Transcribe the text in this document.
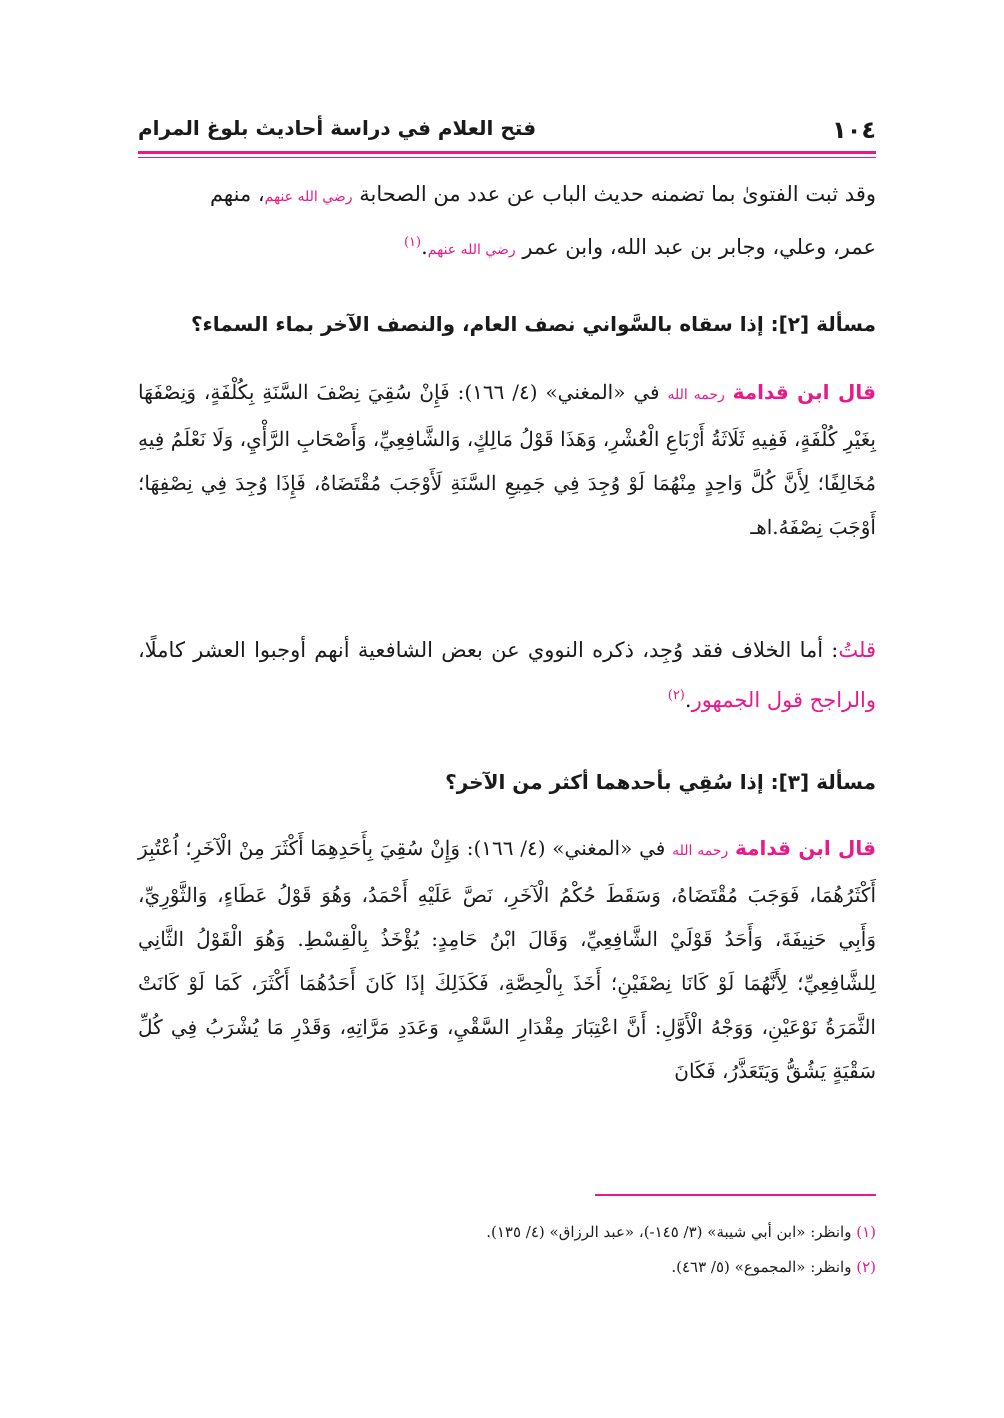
١٠٤
فتح العلام في دراسة أحاديث بلوغ المرام
وقد ثبت الفتوىٰ بما تضمنه حديث الباب عن عدد من الصحابة رضي الله عنهم، منهم
عمر، وعلي، وجابر بن عبد الله، وابن عمر رضي الله عنهم.$^{(١)}$
مسألة [٢]: إذا سقاه بالسَّواني نصف العام، والنصف الآخر بماء السماء؟
قال ابن قدامة رحمه الله في «المغني» (٤/ ١٦٦): فَإِنْ سُقِيَ نِصْفَ السَّنَةِ بِكُلْفَةٍ، وَنِصْفَهَا بِغَيْرِ كُلْفَةٍ، فَفِيهِ ثَلَاثَةُ أَرْبَاعِ الْعُشْرِ، وَهَذَا قَوْلُ مَالِكٍ، وَالشَّافِعِيِّ، وَأَصْحَابِ الرَّأْيِ، وَلَا نَعْلَمُ فِيهِ مُخَالِفًا؛ لِأَنَّ كُلَّ وَاحِدٍ مِنْهُمَا لَوْ وُجِدَ فِي جَمِيعِ السَّنَةِ لَأَوْجَبَ مُقْتَضَاهُ، فَإِذَا وُجِدَ فِي نِصْفِهَا؛ أَوْجَبَ نِصْفَهُ.اهـ
قلتُ: أما الخلاف فقد وُجِد، ذكره النووي عن بعض الشافعية أنهم أوجبوا العشر كاملًا، والراجح قول الجمهور.$^{(٢)}$
مسألة [٣]: إذا سُقِي بأحدهما أكثر من الآخر؟
قال ابن قدامة رحمه الله في «المغني» (٤/ ١٦٦): وَإِنْ سُقِيَ بِأَحَدِهِمَا أَكْثَرَ مِنْ الْآخَرِ؛ اُعْتُبِرَ أَكْثَرُهُمَا، فَوَجَبَ مُقْتَضَاهُ، وَسَقَطَ حُكْمُ الْآخَرِ، نَصَّ عَلَيْهِ أَحْمَدُ، وَهُوَ قَوْلُ عَطَاءٍ، وَالثَّوْرِيِّ، وَأَبِي حَنِيفَةَ، وَأَحَدُ قَوْلَيْ الشَّافِعِيِّ، وَقَالَ ابْنُ حَامِدٍ: يُؤْخَذُ بِالْقِسْطِ. وَهُوَ الْقَوْلُ الثَّانِي لِلشَّافِعِيِّ؛ لِأَنَّهُمَا لَوْ كَانَا نِصْفَيْنِ؛ أَخَذَ بِالْحِصَّةِ، فَكَذَلِكَ إذَا كَانَ أَحَدُهُمَا أَكْثَرَ، كَمَا لَوْ كَانَتْ الثَّمَرَةُ نَوْعَيْنِ، وَوَجْهُ الْأَوَّلِ: أَنَّ اعْتِبَارَ مِقْدَارِ السَّقْيِ، وَعَدَدِ مَرَّاتِهِ، وَقَدْرِ مَا يُشْرَبُ فِي كُلِّ سَقْيَةٍ يَشُقُّ وَيَتَعَذَّرُ، فَكَانَ
(١) وانظر: «ابن أبي شيبة» (٣/ ١٤٥-)، «عبد الرزاق» (٤/ ١٣٥).
(٢) وانظر: «المجموع» (٥/ ٤٦٣).
